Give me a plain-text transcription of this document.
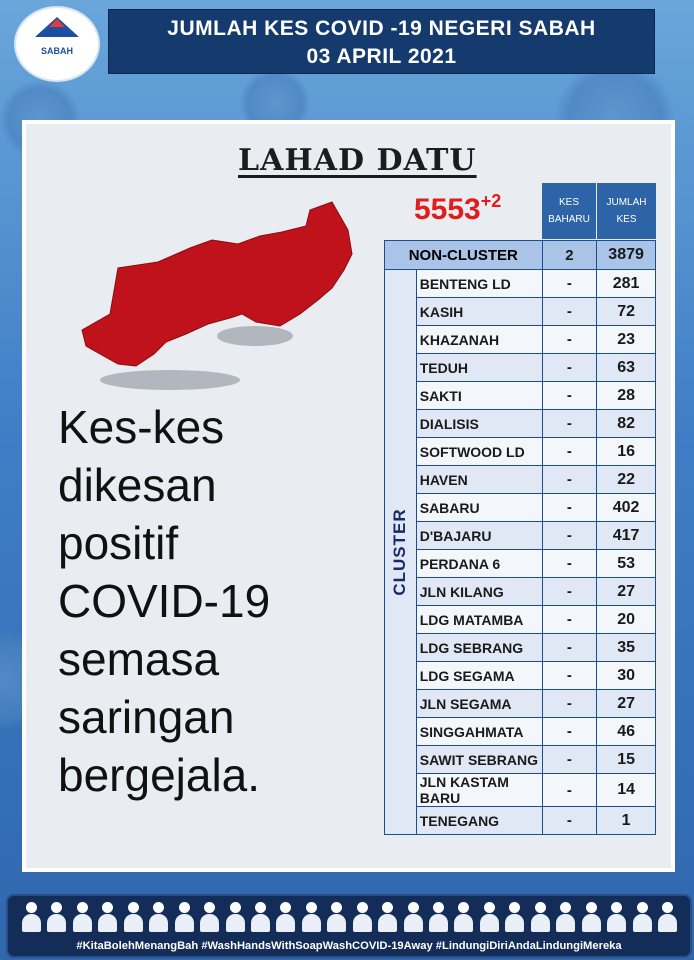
SABAH
JUMLAH KES COVID -19 NEGERI SABAH
03 APRIL 2021
LAHAD DATU
$5553^{+2}$
Kes-kes
dikesan
positif
COVID-19
semasa
saringan
bergejala.
KES BAHARU
JUMLAH KES
NON-CLUSTER		2	3879

CLUSTER	BENTENG LD	-	281
	KASIH	-	72
	KHAZANAH	-	23
	TEDUH	-	63
	SAKTI	-	28
	DIALISIS	-	82
	SOFTWOOD LD	-	16
	HAVEN	-	22
	SABARU	-	402
	D'BAJARU	-	417
	PERDANA 6	-	53
	JLN KILANG	-	27
	LDG MATAMBA	-	20
	LDG SEBRANG	-	35
	LDG SEGAMA	-	30
	JLN SEGAMA	-	27
	SINGGAHMATA	-	46
	SAWIT SEBRANG	-	15
	JLN KASTAM BARU	-	14
	TENEGANG	-	1
#KitaBolehMenangBah #WashHandsWithSoapWashCOVID-19Away #LindungiDiriAndaLindungiMereka
